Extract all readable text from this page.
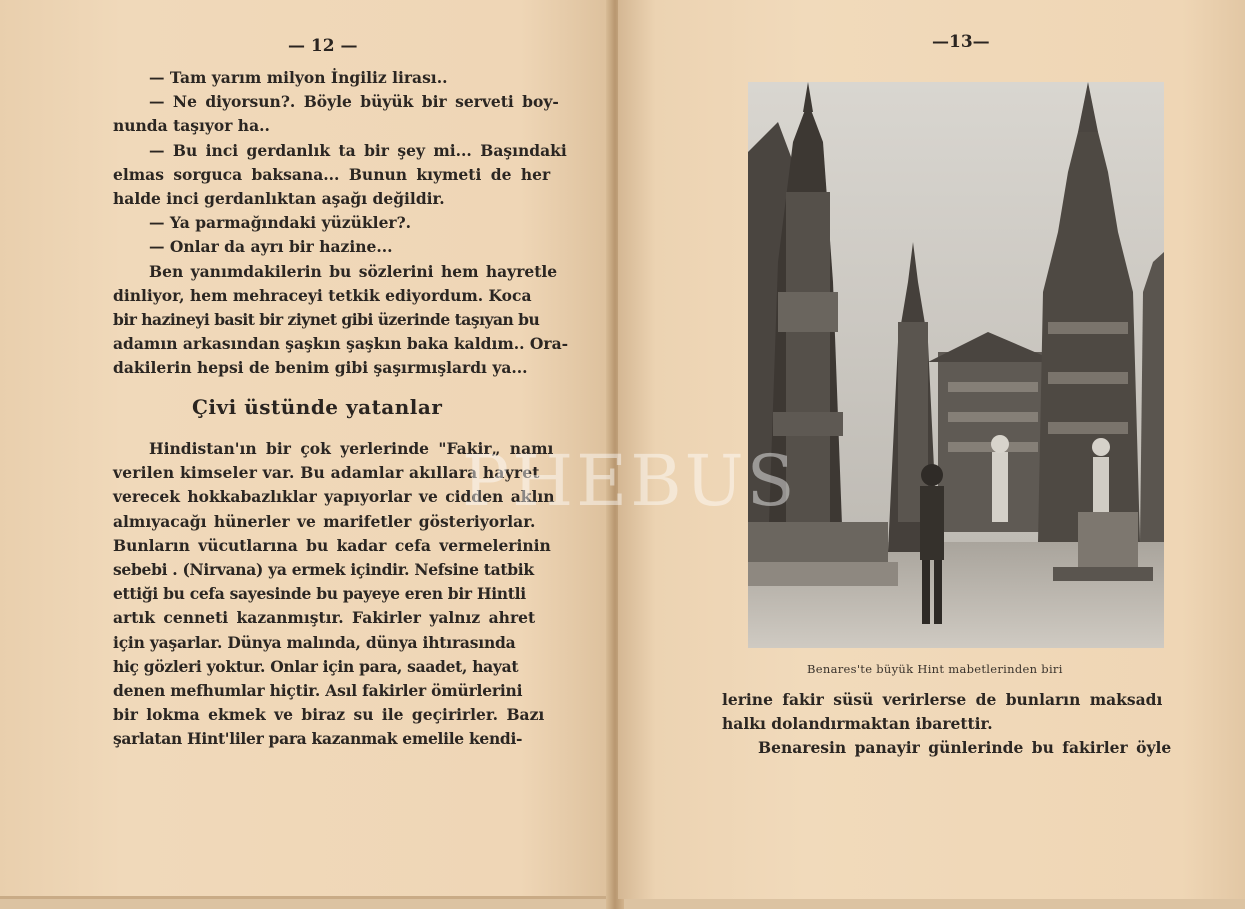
— 12 —

— Tam yarım milyon İngiliz lirası..

— Ne diyorsun?. Böyle büyük bir serveti boy-

nunda taşıyor ha..

— Bu inci gerdanlık ta bir şey mi... Başındaki

elmas sorguca baksana... Bunun kıymeti de her

halde inci gerdanlıktan aşağı değildir.

— Ya parmağındaki yüzükler?.

— Onlar da ayrı bir hazine...

Ben yanımdakilerin bu sözlerini hem hayretle

dinliyor, hem mehraceyi tetkik ediyordum. Koca

bir hazineyi basit bir ziynet gibi üzerinde taşıyan bu

adamın arkasından şaşkın şaşkın baka kaldım.. Ora-

dakilerin hepsi de benim gibi şaşırmışlardı ya...

Çivi üstünde yatanlar

Hindistan'ın bir çok yerlerinde "Fakir„ namı

verilen kimseler var. Bu adamlar akıllara hayret

verecek hokkabazlıklar yapıyorlar ve cidden aklın

almıyacağı hünerler ve marifetler gösteriyorlar.

Bunların vücutlarına bu kadar cefa vermelerinin

sebebi . (Nirvana) ya ermek içindir. Nefsine tatbik

ettiği bu cefa sayesinde bu payeye eren bir Hintli

artık cenneti kazanmıştır. Fakirler yalnız ahret

için yaşarlar. Dünya malında, dünya ihtırasında

hiç gözleri yoktur. Onlar için para, saadet, hayat

denen mefhumlar hiçtir. Asıl fakirler ömürlerini

bir lokma ekmek ve biraz su ile geçirirler. Bazı

şarlatan Hint'liler para kazanmak emelile kendi-

—13—
Benares'te büyük Hint mabetlerinden biri

lerine fakir süsü verirlerse de bunların maksadı

halkı dolandırmaktan ibarettir.

Benaresin panayir günlerinde bu fakirler öyle

PHEBUS
